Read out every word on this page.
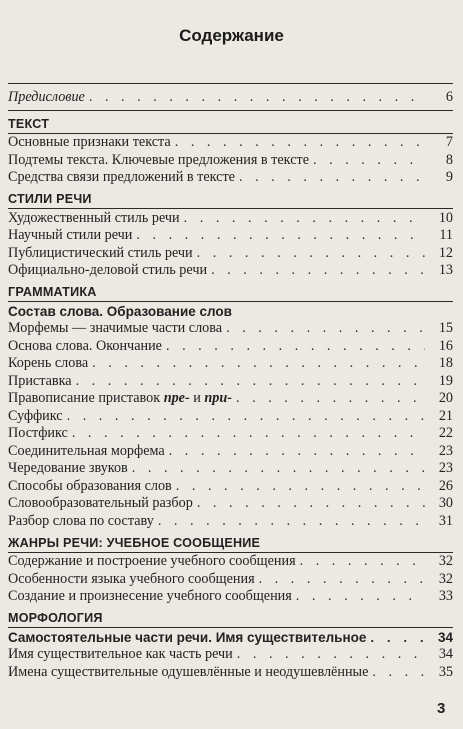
Содержание
Предисловие . . .	6
ТЕКСТ
Основные признаки текста . . .	7
Подтемы текста. Ключевые предложения в тексте . . .	8
Средства связи предложений в тексте . . .	9
СТИЛИ РЕЧИ
Художественный стиль речи . . .	10
Научный стили речи . . .	11
Публицистический стиль речи . . .	12
Официально-деловой стиль речи . . .	13
ГРАММАТИКА
Состав слова. Образование слов
Морфемы — значимые части слова . . .	15
Основа слова. Окончание . . .	16
Корень слова . . .	18
Приставка . . .	19
Правописание приставок пре- и при- . . .	20
Суффикс . . .	21
Постфикс . . .	22
Соединительная морфема . . .	23
Чередование звуков . . .	23
Способы образования слов . . .	26
Словообразовательный разбор . . .	30
Разбор слова по составу . . .	31
ЖАНРЫ РЕЧИ: УЧЕБНОЕ СООБЩЕНИЕ
Содержание и построение учебного сообщения . . .	32
Особенности языка учебного сообщения . . .	32
Создание и произнесение учебного сообщения . . .	33
МОРФОЛОГИЯ
Самостоятельные части речи. Имя существительное . . .	34
Имя существительное как часть речи . . .	34
Имена существительные одушевлённые и неодушевлённые . . .	35
3
